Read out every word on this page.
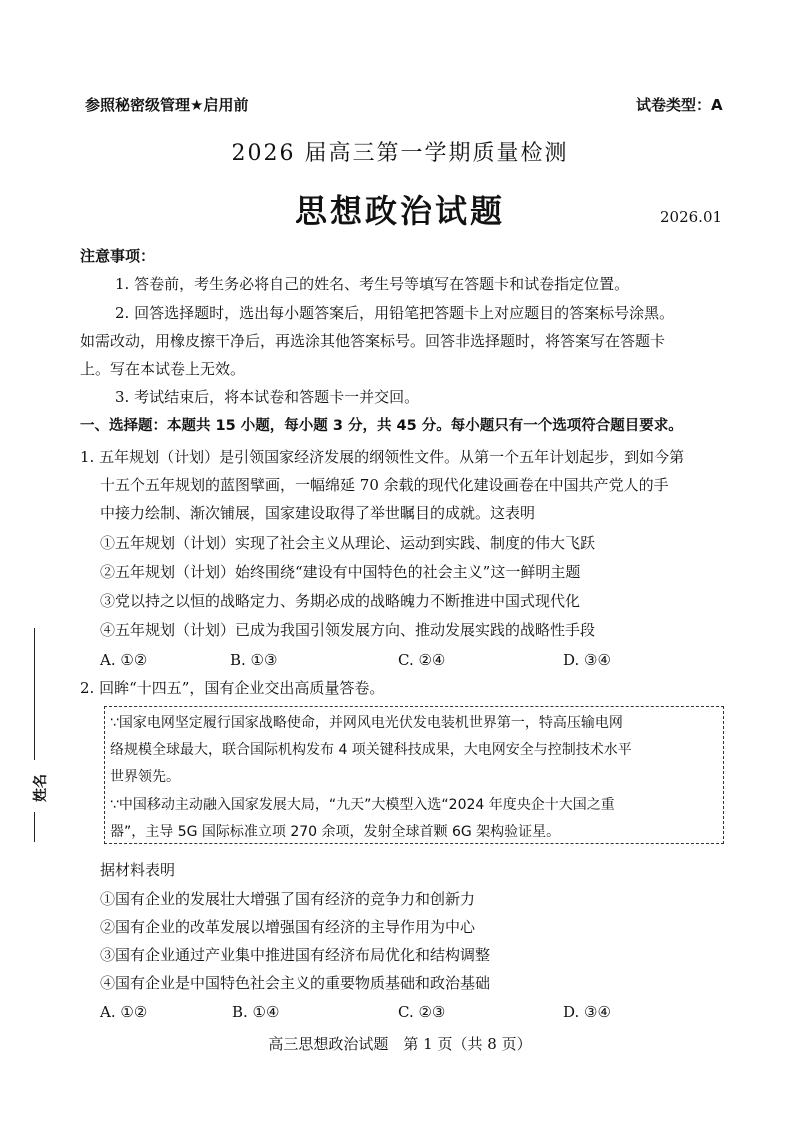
参照秘密级管理★启用前	试卷类型：A
2026 届高三第一学期质量检测
思想政治试题	2026.01
注意事项：
1. 答卷前，考生务必将自己的姓名、考生号等填写在答题卡和试卷指定位置。
2. 回答选择题时，选出每小题答案后，用铅笔把答题卡上对应题目的答案标号涂黑。
如需改动，用橡皮擦干净后，再选涂其他答案标号。回答非选择题时，将答案写在答题卡
上。写在本试卷上无效。
3. 考试结束后，将本试卷和答题卡一并交回。
一、选择题：本题共 15 小题，每小题 3 分，共 45 分。每小题只有一个选项符合题目要求。
1. 五年规划（计划）是引领国家经济发展的纲领性文件。从第一个五年计划起步，到如今第
十五个五年规划的蓝图擘画，一幅绵延 70 余载的现代化建设画卷在中国共产党人的手
中接力绘制、渐次铺展，国家建设取得了举世瞩目的成就。这表明
①五年规划（计划）实现了社会主义从理论、运动到实践、制度的伟大飞跃
②五年规划（计划）始终围绕“建设有中国特色的社会主义”这一鲜明主题
③党以持之以恒的战略定力、务期必成的战略魄力不断推进中国式现代化
④五年规划（计划）已成为我国引领发展方向、推动发展实践的战略性手段
A. ①②	B. ①③	C. ②④	D. ③④
2. 回眸“十四五”，国有企业交出高质量答卷。
∵国家电网坚定履行国家战略使命，并网风电光伏发电装机世界第一，特高压输电网
络规模全球最大，联合国际机构发布 4 项关键科技成果，大电网安全与控制技术水平
世界领先。
∵中国移动主动融入国家发展大局，“九天”大模型入选“2024 年度央企十大国之重
器”，主导 5G 国际标准立项 270 余项，发射全球首颗 6G 架构验证星。
据材料表明
①国有企业的发展壮大增强了国有经济的竞争力和创新力
②国有企业的改革发展以增强国有经济的主导作用为中心
③国有企业通过产业集中推进国有经济布局优化和结构调整
④国有企业是中国特色社会主义的重要物质基础和政治基础
A. ①②	B. ①④	C. ②③	D. ③④
高三思想政治试题　第 1 页（共 8 页）
姓名
